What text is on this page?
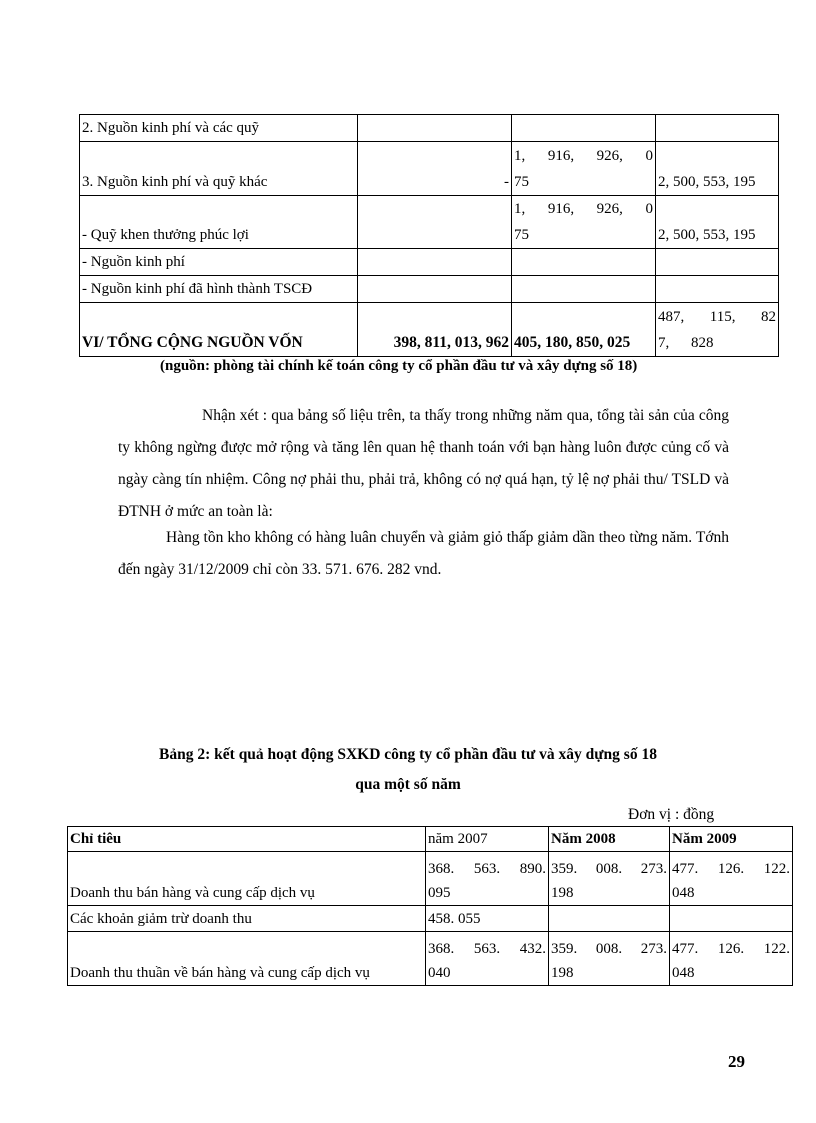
2. Nguồn kinh phí và các quỹ			
3. Nguồn kinh phí và quỹ khác	-	1, 916, 926, 075	2, 500, 553, 195
- Quỹ khen thưởng phúc lợi		1, 916, 926, 075	2, 500, 553, 195
- Nguồn kinh phí			
- Nguồn kinh phí đã hình thành TSCĐ			
VI/ TỔNG CỘNG NGUỒN VỐN	398, 811, 013, 962	405, 180, 850, 025	487, 115, 827, 828
(nguồn: phòng tài chính kế toán công ty cổ phần đầu tư và xây dựng số 18)
Nhận xét : qua bảng số liệu trên, ta thấy trong những năm qua, tổng tài sản của công ty không ngừng được mở rộng và tăng lên quan hệ thanh toán với bạn hàng luôn được củng cố và ngày càng tín nhiệm. Công nợ phải thu, phải trả, không có nợ quá hạn, tỷ lệ nợ phải thu/ TSLD và ĐTNH ở mức an toàn là:
Hàng tồn kho không có hàng luân chuyển và giảm giỏ thấp giảm dần theo từng năm. Tớnh đến ngày 31/12/2009 chỉ còn 33. 571. 676. 282 vnd.
Bảng 2: kết quả hoạt động SXKD công ty cổ phần đầu tư và xây dựng số 18
qua một số năm
Đơn vị : đồng
Chỉ tiêu	năm 2007	Năm 2008	Năm 2009
Doanh thu bán hàng và cung cấp dịch vụ	368. 563. 890. 095	359. 008. 273. 198	477. 126. 122. 048
Các khoản giảm trừ doanh thu	458. 055		
Doanh thu thuần về bán hàng và cung cấp dịch vụ	368. 563. 432. 040	359. 008. 273. 198	477. 126. 122. 048
29
